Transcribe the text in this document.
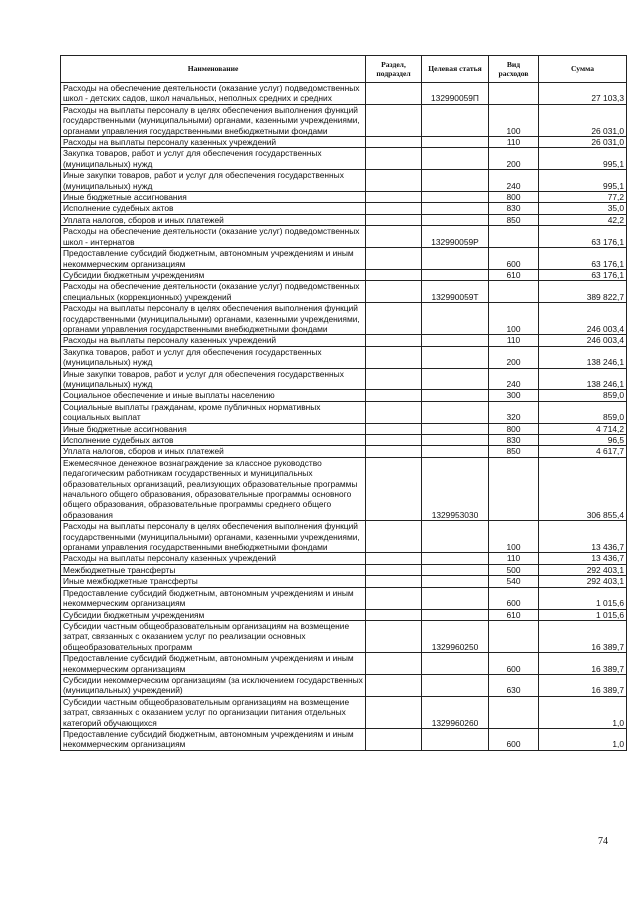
Наименование	Раздел, подраздел	Целевая статья	Вид расходов	Сумма
Расходы на обеспечение деятельности (оказание услуг) подведомственных школ - детских садов, школ начальных, неполных средних и средних		132990059П		27 103,3
Расходы на выплаты персоналу в целях обеспечения выполнения функций государственными (муниципальными) органами, казенными учреждениями, органами управления государственными внебюджетными фондами			100	26 031,0
Расходы на выплаты персоналу казенных учреждений			110	26 031,0
Закупка товаров, работ и услуг для обеспечения государственных (муниципальных) нужд			200	995,1
Иные закупки товаров, работ и услуг для обеспечения государственных (муниципальных) нужд			240	995,1
Иные бюджетные ассигнования			800	77,2
Исполнение судебных актов			830	35,0
Уплата налогов, сборов и иных платежей			850	42,2
Расходы на обеспечение деятельности (оказание услуг) подведомственных школ - интернатов		132990059Р		63 176,1
Предоставление субсидий бюджетным, автономным учреждениям и иным некоммерческим организациям			600	63 176,1
Субсидии бюджетным учреждениям			610	63 176,1
Расходы на обеспечение деятельности (оказание услуг) подведомственных специальных (коррекционных) учреждений		132990059Т		389 822,7
Расходы на выплаты персоналу в целях обеспечения выполнения функций государственными (муниципальными) органами, казенными учреждениями, органами управления государственными внебюджетными фондами			100	246 003,4
Расходы на выплаты персоналу казенных учреждений			110	246 003,4
Закупка товаров, работ и услуг для обеспечения государственных (муниципальных) нужд			200	138 246,1
Иные закупки товаров, работ и услуг для обеспечения государственных (муниципальных) нужд			240	138 246,1
Социальное обеспечение и иные выплаты населению			300	859,0
Социальные выплаты гражданам, кроме публичных нормативных социальных выплат			320	859,0
Иные бюджетные ассигнования			800	4 714,2
Исполнение судебных актов			830	96,5
Уплата налогов, сборов и иных платежей			850	4 617,7
Ежемесячное денежное вознаграждение за классное руководство педагогическим работникам государственных и муниципальных образовательных организаций, реализующих образовательные программы начального общего образования, образовательные программы основного общего образования, образовательные программы среднего общего образования		1329953030		306 855,4
Расходы на выплаты персоналу в целях обеспечения выполнения функций государственными (муниципальными) органами, казенными учреждениями, органами управления государственными внебюджетными фондами			100	13 436,7
Расходы на выплаты персоналу казенных учреждений			110	13 436,7
Межбюджетные трансферты			500	292 403,1
Иные межбюджетные трансферты			540	292 403,1
Предоставление субсидий бюджетным, автономным учреждениям и иным некоммерческим организациям			600	1 015,6
Субсидии бюджетным учреждениям			610	1 015,6
Субсидии частным общеобразовательным организациям на возмещение затрат, связанных с оказанием услуг по реализации основных общеобразовательных программ		1329960250		16 389,7
Предоставление субсидий бюджетным, автономным учреждениям и иным некоммерческим организациям			600	16 389,7
Субсидии некоммерческим организациям (за исключением государственных (муниципальных) учреждений)			630	16 389,7
Субсидии частным общеобразовательным организациям на возмещение затрат, связанных с оказанием услуг по организации питания отдельных категорий обучающихся		1329960260		1,0
Предоставление субсидий бюджетным, автономным учреждениям и иным некоммерческим организациям			600	1,0
74
